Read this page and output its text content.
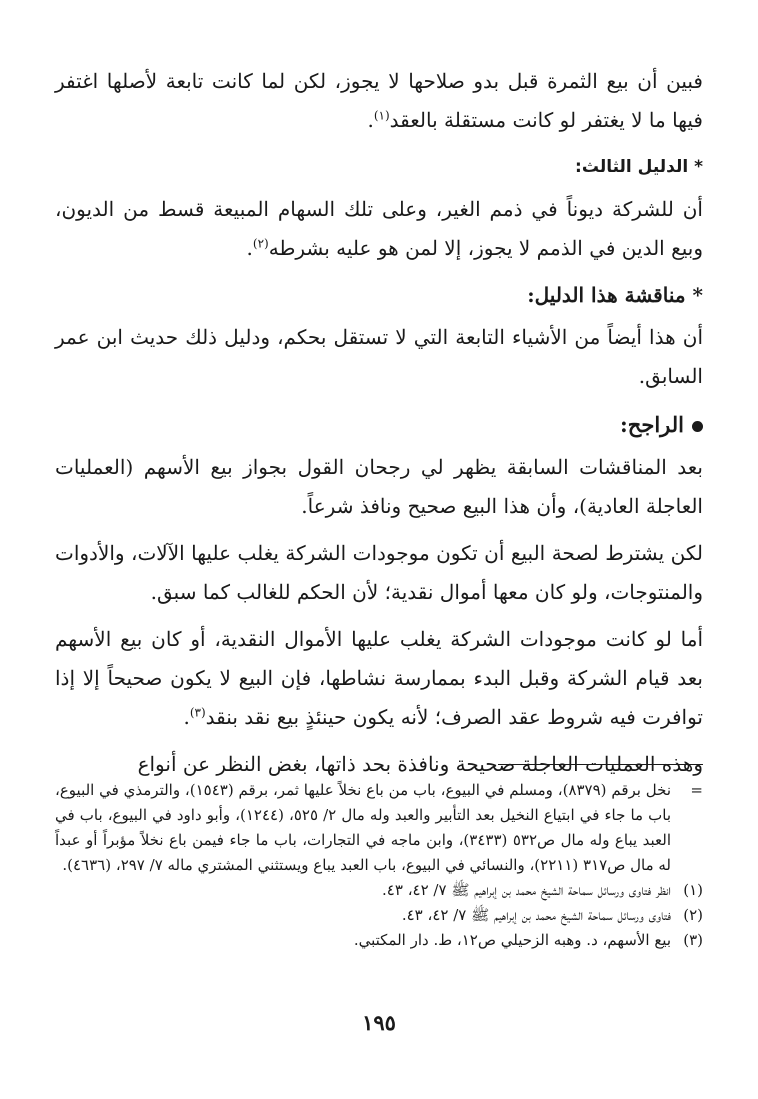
فبين أن بيع الثمرة قبل بدو صلاحها لا يجوز، لكن لما كانت تابعة لأصلها اغتفر فيها ما لا يغتفر لو كانت مستقلة بالعقد$^{(١)}$.

* الدليل الثالث:

أن للشركة ديوناً في ذمم الغير، وعلى تلك السهام المبيعة قسط من الديون، وبيع الدين في الذمم لا يجوز، إلا لمن هو عليه بشرطه$^{(٢)}$.

* مناقشة هذا الدليل:

أن هذا أيضاً من الأشياء التابعة التي لا تستقل بحكم، ودليل ذلك حديث ابن عمر السابق.

الراجح:

بعد المناقشات السابقة يظهر لي رجحان القول بجواز بيع الأسهم (العمليات العاجلة العادية)، وأن هذا البيع صحيح ونافذ شرعاً.

لكن يشترط لصحة البيع أن تكون موجودات الشركة يغلب عليها الآلات، والأدوات والمنتوجات، ولو كان معها أموال نقدية؛ لأن الحكم للغالب كما سبق.

أما لو كانت موجودات الشركة يغلب عليها الأموال النقدية، أو كان بيع الأسهم بعد قيام الشركة وقبل البدء بممارسة نشاطها، فإن البيع لا يكون صحيحاً إلا إذا توافرت فيه شروط عقد الصرف؛ لأنه يكون حينئذٍ بيع نقد بنقد$^{(٣)}$.

وهذه العمليات العاجلة صحيحة ونافذة بحد ذاتها، بغض النظر عن أنواع

=
نخل برقم (٨٣٧٩)، ومسلم في البيوع، باب من باع نخلاً عليها ثمر، برقم (١٥٤٣)، والترمذي في البيوع، باب ما جاء في ابتياع النخيل بعد التأبير والعبد وله مال ٢/ ٥٢٥، (١٢٤٤)، وأبو داود في البيوع، باب في العبد يباع وله مال ص٥٣٢ (٣٤٣٣)، وابن ماجه في التجارات، باب ما جاء فيمن باع نخلاً مؤبراً أو عبداً له مال ص٣١٧ (٢٢١١)، والنسائي في البيوع، باب العبد يباع ويستثني المشتري ماله ٧/ ٢٩٧، (٤٦٣٦).
(١)
انظر فتاوى ورسائل سماحة الشيخ محمد بن إبراهيم ﷺ ٧/ ٤٢، ٤٣.
(٢)
فتاوى ورسائل سماحة الشيخ محمد بن إبراهيم ﷺ ٧/ ٤٢، ٤٣.
(٣)
بيع الأسهم، د. وهبه الزحيلي ص١٢، ط. دار المكتبي.
١٩٥
